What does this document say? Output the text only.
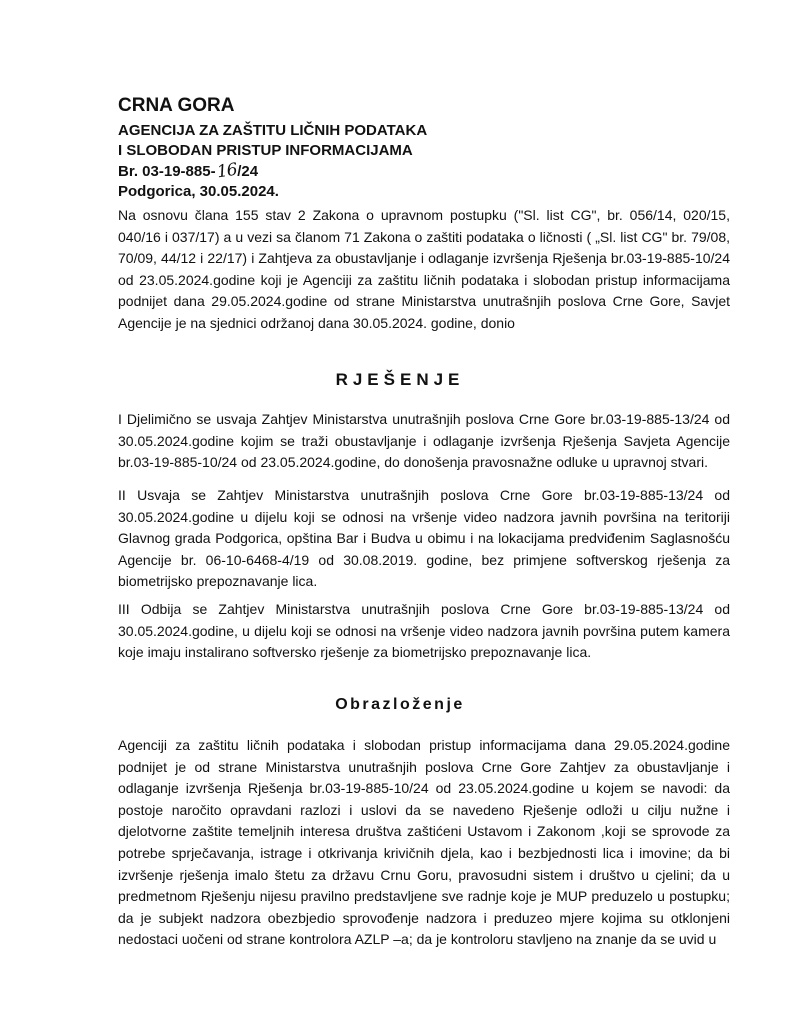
CRNA GORA

AGENCIJA ZA ZAŠTITU LIČNIH PODATAKA

I SLOBODAN PRISTUP INFORMACIJAMA

Br. 03-19-885-16/24

Podgorica, 30.05.2024.

Na osnovu člana 155 stav 2 Zakona o upravnom postupku ("Sl. list CG", br. 056/14, 020/15, 040/16 i 037/17) a u vezi sa članom 71 Zakona o zaštiti podataka o ličnosti ( „Sl. list CG" br. 79/08, 70/09, 44/12 i 22/17) i Zahtjeva za obustavljanje i odlaganje izvršenja Rješenja br.03-19-885-10/24 od 23.05.2024.godine koji je Agenciji za zaštitu ličnih podataka i slobodan pristup informacijama podnijet dana 29.05.2024.godine od strane Ministarstva unutrašnjih poslova Crne Gore, Savjet Agencije je na sjednici održanoj dana 30.05.2024. godine, donio

RJEŠENJE

I Djelimično se usvaja Zahtjev Ministarstva unutrašnjih poslova Crne Gore br.03-19-885-13/24 od 30.05.2024.godine kojim se traži obustavljanje i odlaganje izvršenja Rješenja Savjeta Agencije br.03-19-885-10/24 od 23.05.2024.godine, do donošenja pravosnažne odluke u upravnoj stvari.

II Usvaja se Zahtjev Ministarstva unutrašnjih poslova Crne Gore br.03-19-885-13/24 od 30.05.2024.godine u dijelu koji se odnosi na vršenje video nadzora javnih površina na teritoriji Glavnog grada Podgorica, opština Bar i Budva u obimu i na lokacijama predviđenim Saglasnošću Agencije br. 06-10-6468-4/19 od 30.08.2019. godine, bez primjene softverskog rješenja za biometrijsko prepoznavanje lica.

III Odbija se Zahtjev Ministarstva unutrašnjih poslova Crne Gore br.03-19-885-13/24 od 30.05.2024.godine, u dijelu koji se odnosi na vršenje video nadzora javnih površina putem kamera koje imaju instalirano softversko rješenje za biometrijsko prepoznavanje lica.

Obrazloženje

Agenciji za zaštitu ličnih podataka i slobodan pristup informacijama dana 29.05.2024.godine podnijet je od strane Ministarstva unutrašnjih poslova Crne Gore Zahtjev za obustavljanje i odlaganje izvršenja Rješenja br.03-19-885-10/24 od 23.05.2024.godine u kojem se navodi: da postoje naročito opravdani razlozi i uslovi da se navedeno Rješenje odloži u cilju nužne i djelotvorne zaštite temeljnih interesa društva zaštićeni Ustavom i Zakonom ,koji se sprovode za potrebe sprječavanja, istrage i otkrivanja krivičnih djela, kao i bezbjednosti lica i imovine; da bi izvršenje rješenja imalo štetu za državu Crnu Goru, pravosudni sistem i društvo u cjelini; da u predmetnom Rješenju nijesu pravilno predstavljene sve radnje koje je MUP preduzelo u postupku; da je subjekt nadzora obezbjedio sprovođenje nadzora i preduzeo mjere kojima su otklonjeni nedostaci uočeni od strane kontrolora AZLP –a; da je kontroloru stavljeno na znanje da se uvid u
